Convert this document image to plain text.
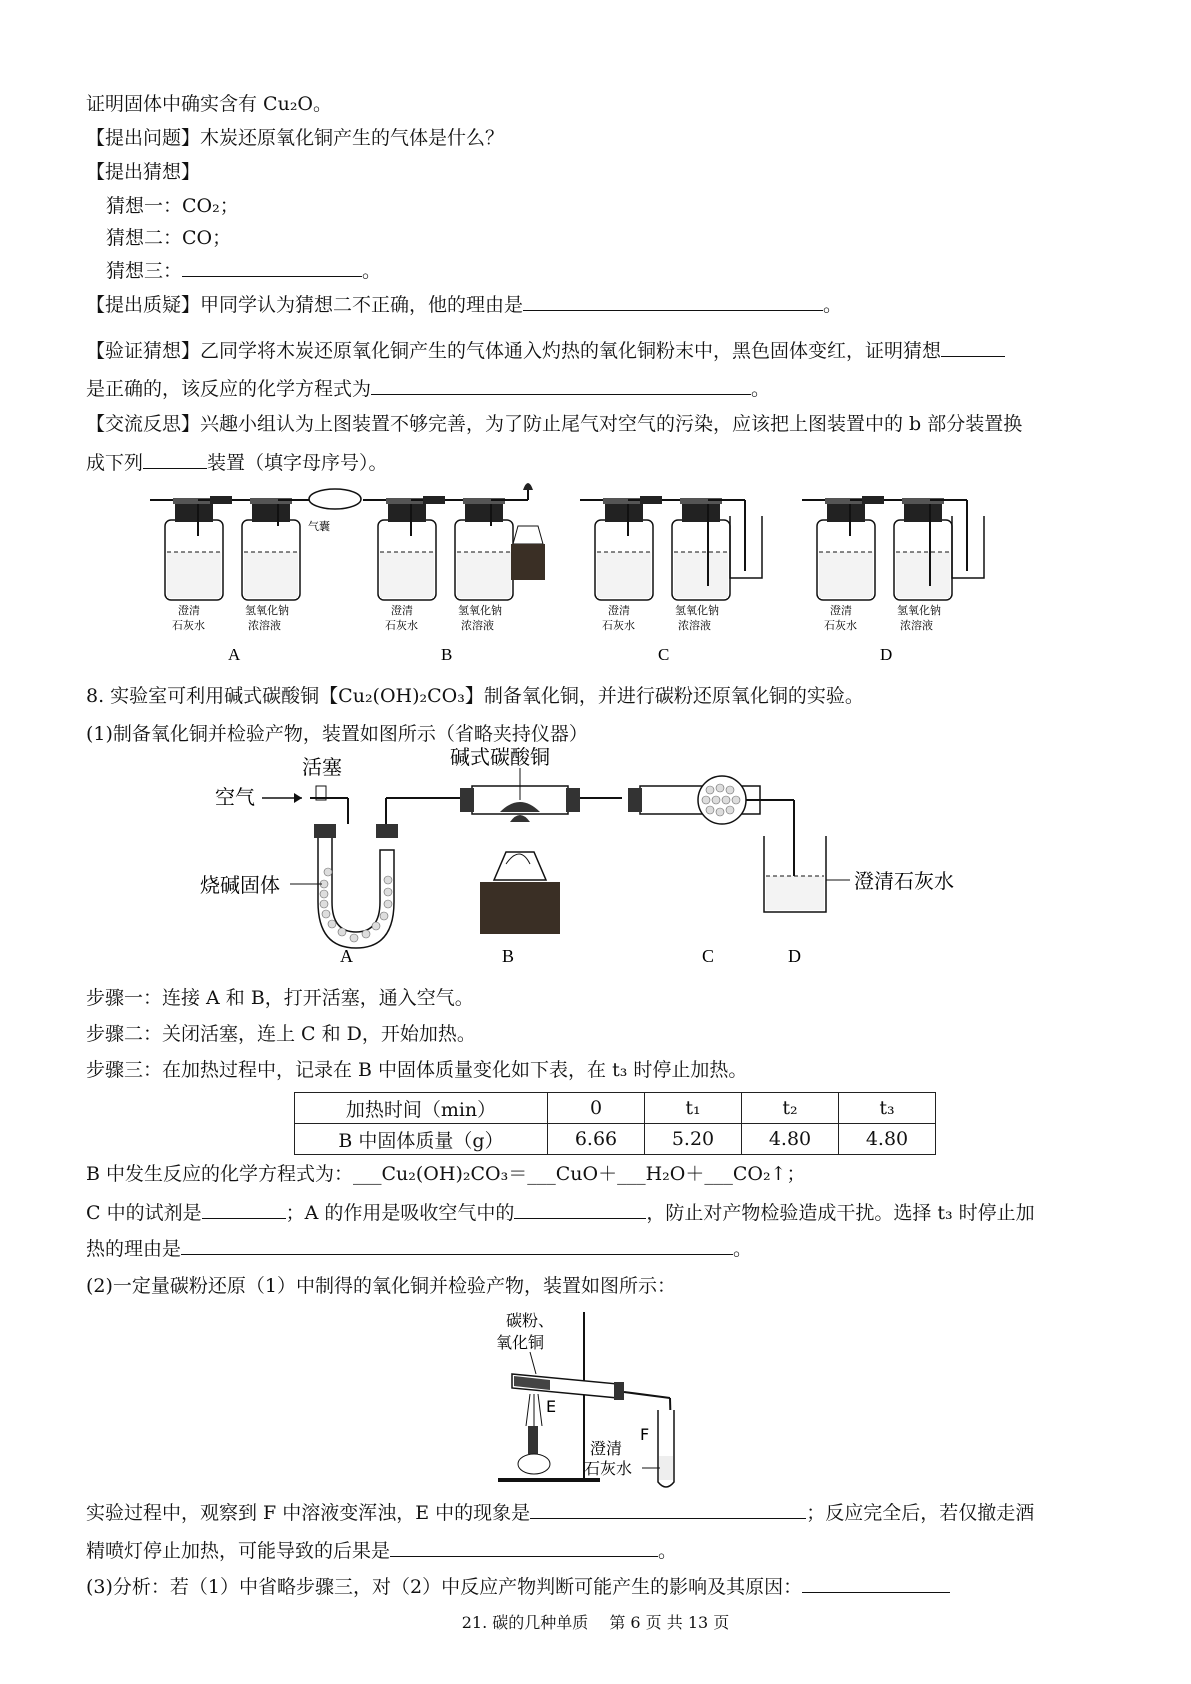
证明固体中确实含有 Cu₂O。
【提出问题】木炭还原氧化铜产生的气体是什么？
【提出猜想】
猜想一：CO₂；
猜想二：CO；
猜想三：	。
【提出质疑】甲同学认为猜想二不正确，他的理由是	。
【验证猜想】乙同学将木炭还原氧化铜产生的气体通入灼热的氧化铜粉末中，黑色固体变红，证明猜想
是正确的，该反应的化学方程式为	。
【交流反思】兴趣小组认为上图装置不够完善，为了防止尾气对空气的污染，应该把上图装置中的 b 部分装置换
成下列	装置（填字母序号）。
气囊
澄清
石灰水
氢氧化钠
浓溶液
A
澄清
石灰水
氢氧化钠
浓溶液
B
澄清
石灰水
氢氧化钠
浓溶液
C
澄清
石灰水
氢氧化钠
浓溶液
D
8. 实验室可利用碱式碳酸铜【Cu₂(OH)₂CO₃】制备氧化铜，并进行碳粉还原氧化铜的实验。
(1)制备氧化铜并检验产物，装置如图所示（省略夹持仪器）
空气
活塞
烧碱固体
碱式碳酸铜
澄清石灰水
A	B	C	D
步骤一：连接 A 和 B，打开活塞，通入空气。
步骤二：关闭活塞，连上 C 和 D，开始加热。
步骤三：在加热过程中，记录在 B 中固体质量变化如下表，在 t₃ 时停止加热。
加热时间（min）	0	t₁	t₂	t₃
B 中固体质量（g）	6.66	5.20	4.80	4.80
B 中发生反应的化学方程式为：___Cu₂(OH)₂CO₃＝___CuO＋___H₂O＋___CO₂↑；
C 中的试剂是	；A 的作用是吸收空气中的	，防止对产物检验造成干扰。选择 t₃ 时停止加
热的理由是	。
(2)一定量碳粉还原（1）中制得的氧化铜并检验产物，装置如图所示：
碳粉、
氧化铜
E
F
澄清
石灰水
实验过程中，观察到 F 中溶液变浑浊，E 中的现象是	；反应完全后，若仅撤走酒
精喷灯停止加热，可能导致的后果是	。
(3)分析：若（1）中省略步骤三，对（2）中反应产物判断可能产生的影响及其原因：
21. 碳的几种单质　 第 6 页 共 13 页
